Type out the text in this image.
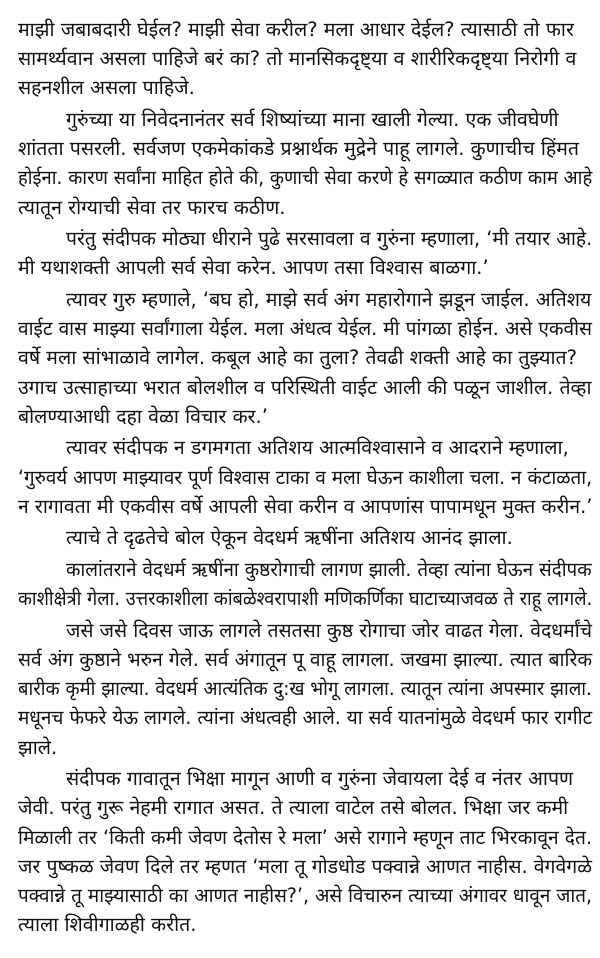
माझी जबाबदारी घेईल? माझी सेवा करील? मला आधार देईल? त्यासाठी तो फार
सामर्थ्यवान असला पाहिजे बरं का? तो मानसिकदृष्ट्या व शारीरिकदृष्ट्या निरोगी व
सहनशील असला पाहिजे.
गुरुंच्या या निवेदनानंतर सर्व शिष्यांच्या माना खाली गेल्या. एक जीवघेणी
शांतता पसरली. सर्वजण एकमेकांकडे प्रश्नार्थक मुद्रेने पाहू लागले. कुणाचीच हिंमत
होईना. कारण सर्वांना माहित होते की, कुणाची सेवा करणे हे सगळ्यात कठीण काम आहे
त्यातून रोग्याची सेवा तर फारच कठीण.
परंतु संदीपक मोठ्या धीराने पुढे सरसावला व गुरुंना म्हणाला, ‘मी तयार आहे.
मी यथाशक्ती आपली सर्व सेवा करेन. आपण तसा विश्वास बाळगा.’
त्यावर गुरु म्हणाले, ‘बघ हो, माझे सर्व अंग महारोगाने झडून जाईल. अतिशय
वाईट वास माझ्या सर्वांगाला येईल. मला अंधत्व येईल. मी पांगळा होईन. असे एकवीस
वर्षे मला सांभाळावे लागेल. कबूल आहे का तुला? तेवढी शक्ती आहे का तुझ्यात?
उगाच उत्साहाच्या भरात बोलशील व परिस्थिती वाईट आली की पळून जाशील. तेव्हा
बोलण्याआधी दहा वेळा विचार कर.’
त्यावर संदीपक न डगमगता अतिशय आत्मविश्वासाने व आदराने म्हणाला,
‘गुरुवर्य आपण माझ्यावर पूर्ण विश्वास टाका व मला घेऊन काशीला चला. न कंटाळता,
न रागावता मी एकवीस वर्षे आपली सेवा करीन व आपणांस पापामधून मुक्त करीन.’
त्याचे ते दृढतेचे बोल ऐकून वेदधर्म ऋषींना अतिशय आनंद झाला.
कालांतराने वेदधर्म ऋषींना कुष्ठरोगाची लागण झाली. तेव्हा त्यांना घेऊन संदीपक
काशीक्षेत्री गेला. उत्तरकाशीला कांबळेश्वरापाशी मणिकर्णिका घाटाच्याजवळ ते राहू लागले.
जसे जसे दिवस जाऊ लागले तसतसा कुष्ठ रोगाचा जोर वाढत गेला. वेदधर्मांचे
सर्व अंग कुष्ठाने भरुन गेले. सर्व अंगातून पू वाहू लागला. जखमा झाल्या. त्यात बारिक
बारीक कृमी झाल्या. वेदधर्म आत्यंतिक दु:ख भोगू लागला. त्यातून त्यांना अपस्मार झाला.
मधूनच फेफरे येऊ लागले. त्यांना अंधत्वही आले. या सर्व यातनांमुळे वेदधर्म फार रागीट
झाले.
संदीपक गावातून भिक्षा मागून आणी व गुरुंना जेवायला देई व नंतर आपण
जेवी. परंतु गुरू नेहमी रागात असत. ते त्याला वाटेल तसे बोलत. भिक्षा जर कमी
मिळाली तर ‘किती कमी जेवण देतोस रे मला’ असे रागाने म्हणून ताट भिरकावून देत.
जर पुष्कळ जेवण दिले तर म्हणत ‘मला तू गोडधोड पक्वान्ने आणत नाहीस. वेगवेगळे
पक्वान्ने तू माझ्यासाठी का आणत नाहीस?’, असे विचारुन त्याच्या अंगावर धावून जात,
त्याला शिवीगाळही करीत.
